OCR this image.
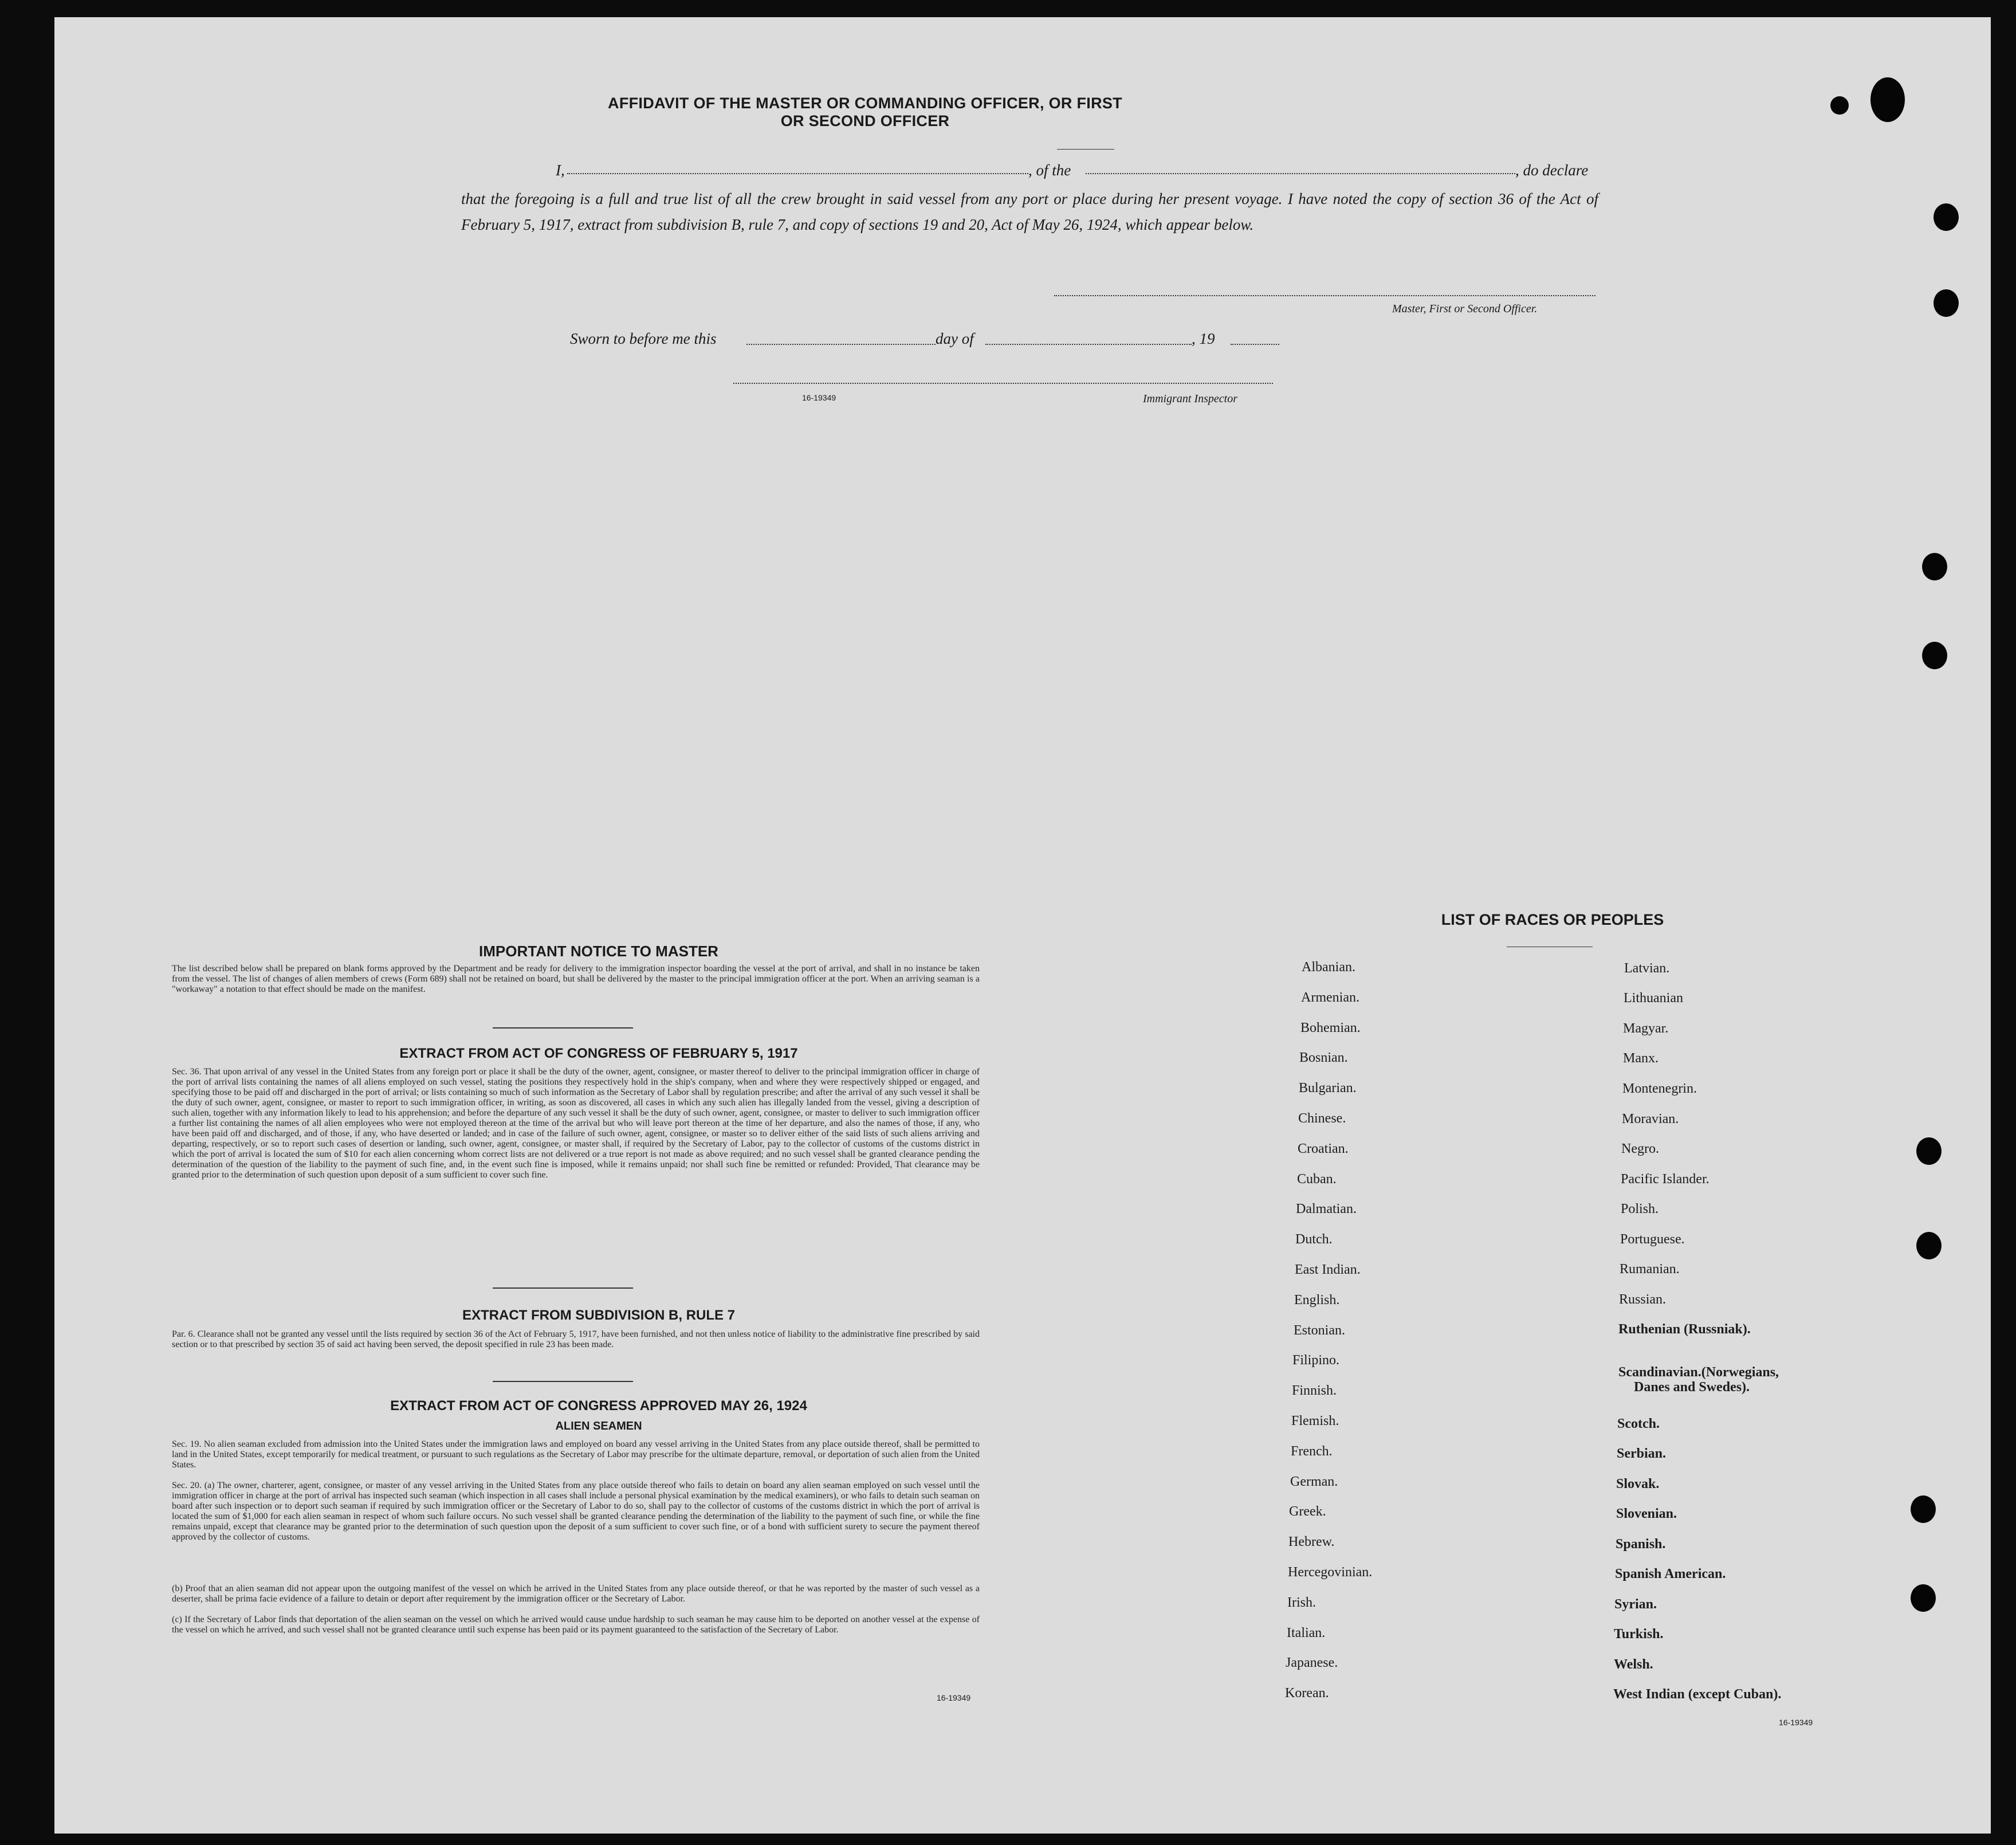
AFFIDAVIT OF THE MASTER OR COMMANDING OFFICER, OR FIRST OR SECOND OFFICER
I,	, of the	, do declare
that the foregoing is a full and true list of all the crew brought in said vessel from any port or place during her present voyage. I have noted the copy of section 36 of the Act of February 5, 1917, extract from subdivision B, rule 7, and copy of sections 19 and 20, Act of May 26, 1924, which appear below.
Master, First or Second Officer.
Sworn to before me this	day of	, 19
16-19349	Immigrant Inspector
IMPORTANT NOTICE TO MASTER
The list described below shall be prepared on blank forms approved by the Department and be ready for delivery to the immigration inspector boarding the vessel at the port of arrival, and shall in no instance be taken from the vessel. The list of changes of alien members of crews (Form 689) shall not be retained on board, but shall be delivered by the master to the principal immigration officer at the port. When an arriving seaman is a "workaway" a notation to that effect should be made on the manifest.
EXTRACT FROM ACT OF CONGRESS OF FEBRUARY 5, 1917
Sec. 36. That upon arrival of any vessel in the United States from any foreign port or place it shall be the duty of the owner, agent, consignee, or master thereof to deliver to the principal immigration officer in charge of the port of arrival lists containing the names of all aliens employed on such vessel, stating the positions they respectively hold in the ship's company, when and where they were respectively shipped or engaged, and specifying those to be paid off and discharged in the port of arrival; or lists containing so much of such information as the Secretary of Labor shall by regulation prescribe; and after the arrival of any such vessel it shall be the duty of such owner, agent, consignee, or master to report to such immigration officer, in writing, as soon as discovered, all cases in which any such alien has illegally landed from the vessel, giving a description of such alien, together with any information likely to lead to his apprehension; and before the departure of any such vessel it shall be the duty of such owner, agent, consignee, or master to deliver to such immigration officer a further list containing the names of all alien employees who were not employed thereon at the time of the arrival but who will leave port thereon at the time of her departure, and also the names of those, if any, who have been paid off and discharged, and of those, if any, who have deserted or landed; and in case of the failure of such owner, agent, consignee, or master so to deliver either of the said lists of such aliens arriving and departing, respectively, or so to report such cases of desertion or landing, such owner, agent, consignee, or master shall, if required by the Secretary of Labor, pay to the collector of customs of the customs district in which the port of arrival is located the sum of $10 for each alien concerning whom correct lists are not delivered or a true report is not made as above required; and no such vessel shall be granted clearance pending the determination of the question of the liability to the payment of such fine, and, in the event such fine is imposed, while it remains unpaid; nor shall such fine be remitted or refunded: Provided, That clearance may be granted prior to the determination of such question upon deposit of a sum sufficient to cover such fine.
EXTRACT FROM SUBDIVISION B, RULE 7
Par. 6. Clearance shall not be granted any vessel until the lists required by section 36 of the Act of February 5, 1917, have been furnished, and not then unless notice of liability to the administrative fine prescribed by said section or to that prescribed by section 35 of said act having been served, the deposit specified in rule 23 has been made.
EXTRACT FROM ACT OF CONGRESS APPROVED MAY 26, 1924
ALIEN SEAMEN
Sec. 19. No alien seaman excluded from admission into the United States under the immigration laws and employed on board any vessel arriving in the United States from any place outside thereof, shall be permitted to land in the United States, except temporarily for medical treatment, or pursuant to such regulations as the Secretary of Labor may prescribe for the ultimate departure, removal, or deportation of such alien from the United States.
Sec. 20. (a) The owner, charterer, agent, consignee, or master of any vessel arriving in the United States from any place outside thereof who fails to detain on board any alien seaman employed on such vessel until the immigration officer in charge at the port of arrival has inspected such seaman (which inspection in all cases shall include a personal physical examination by the medical examiners), or who fails to detain such seaman on board after such inspection or to deport such seaman if required by such immigration officer or the Secretary of Labor to do so, shall pay to the collector of customs of the customs district in which the port of arrival is located the sum of $1,000 for each alien seaman in respect of whom such failure occurs. No such vessel shall be granted clearance pending the determination of the liability to the payment of such fine, or while the fine remains unpaid, except that clearance may be granted prior to the determination of such question upon the deposit of a sum sufficient to cover such fine, or of a bond with sufficient surety to secure the payment thereof approved by the collector of customs.
(b) Proof that an alien seaman did not appear upon the outgoing manifest of the vessel on which he arrived in the United States from any place outside thereof, or that he was reported by the master of such vessel as a deserter, shall be prima facie evidence of a failure to detain or deport after requirement by the immigration officer or the Secretary of Labor.
(c) If the Secretary of Labor finds that deportation of the alien seaman on the vessel on which he arrived would cause undue hardship to such seaman he may cause him to be deported on another vessel at the expense of the vessel on which he arrived, and such vessel shall not be granted clearance until such expense has been paid or its payment guaranteed to the satisfaction of the Secretary of Labor.
16-19349
LIST OF RACES OR PEOPLES
Albanian.
Armenian.
Bohemian.
Bosnian.
Bulgarian.
Chinese.
Croatian.
Cuban.
Dalmatian.
Dutch.
East Indian.
English.
Estonian.
Filipino.
Finnish.
Flemish.
French.
German.
Greek.
Hebrew.
Hercegovinian.
Irish.
Italian.
Japanese.
Korean.
Latvian.
Lithuanian
Magyar.
Manx.
Montenegrin.
Moravian.
Negro.
Pacific Islander.
Polish.
Portuguese.
Rumanian.
Russian.
Ruthenian (Russniak).
Scandinavian.(Norwegians,
Danes and Swedes).
Scotch.
Serbian.
Slovak.
Slovenian.
Spanish.
Spanish American.
Syrian.
Turkish.
Welsh.
West Indian (except Cuban).
16-19349
